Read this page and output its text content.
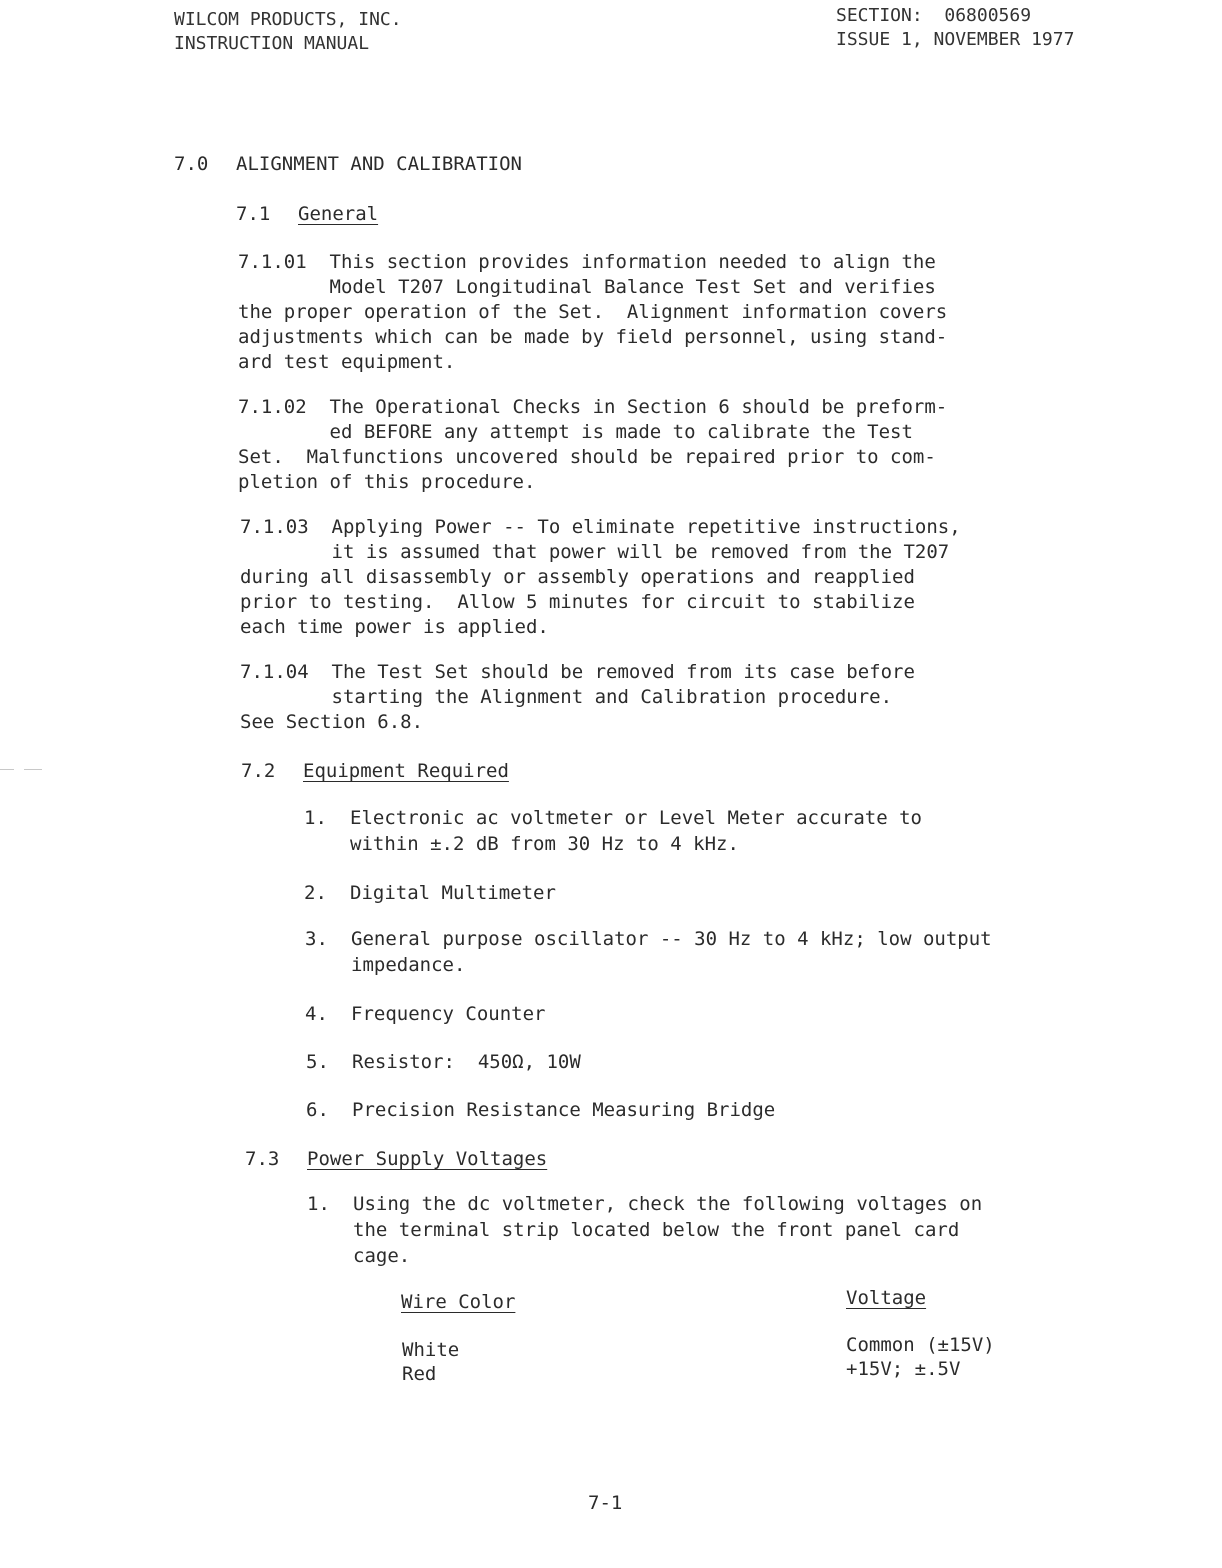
WILCOM PRODUCTS, INC.
INSTRUCTION MANUAL
SECTION:  06800569
ISSUE 1, NOVEMBER 1977
7.0 ALIGNMENT AND CALIBRATION
7.1 General
7.1.01  This section provides information needed to align the
Model T207 Longitudinal Balance Test Set and verifies
the proper operation of the Set.  Alignment information covers
adjustments which can be made by field personnel, using stand-
ard test equipment.
7.1.02  The Operational Checks in Section 6 should be preform-
ed BEFORE any attempt is made to calibrate the Test
Set.  Malfunctions uncovered should be repaired prior to com-
pletion of this procedure.
7.1.03  Applying Power -- To eliminate repetitive instructions,
it is assumed that power will be removed from the T207
during all disassembly or assembly operations and reapplied
prior to testing.  Allow 5 minutes for circuit to stabilize
each time power is applied.
7.1.04  The Test Set should be removed from its case before
starting the Alignment and Calibration procedure.
See Section 6.8.
7.2 Equipment Required
1. Electronic ac voltmeter or Level Meter accurate to
within ±.2 dB from 30 Hz to 4 kHz.
2. Digital Multimeter
3. General purpose oscillator -- 30 Hz to 4 kHz; low output
impedance.
4. Frequency Counter
5. Resistor:  450Ω, 10W
6. Precision Resistance Measuring Bridge
7.3 Power Supply Voltages
1. Using the dc voltmeter, check the following voltages on
the terminal strip located below the front panel card
cage.
Wire Color	Voltage
White	Common (±15V)
Red	+15V; ±.5V
7-1
